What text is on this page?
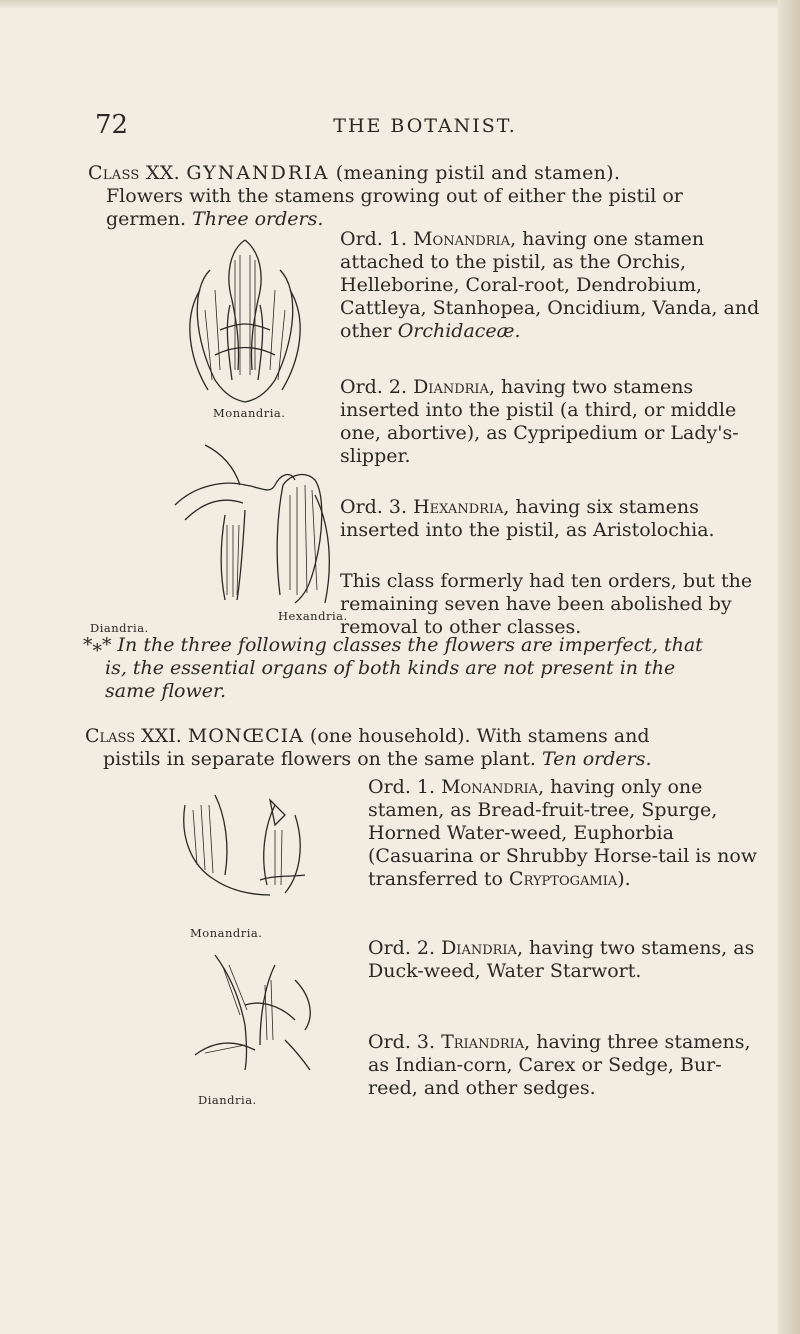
72	THE BOTANIST.
Class XX. GYNANDRIA (meaning pistil and stamen).
Flowers with the stamens growing out of either the pistil or
germen. Three orders.
Monandria.
Hexandria.
Diandria.
Ord. 1. Monandria, having one stamen attached to the pistil, as the Orchis, Helleborine, Coral-root, Dendrobium, Cattleya, Stanhopea, Oncidium, Vanda, and other Orchidaceæ.
Ord. 2. Diandria, having two stamens inserted into the pistil (a third, or middle one, abortive), as Cypripedium or Lady's-slipper.
Ord. 3. Hexandria, having six stamens inserted into the pistil, as Aristolochia.
This class formerly had ten orders, but the remaining seven have been abolished by removal to other classes.
*⁎* In the three following classes the flowers are imperfect, that
is, the essential organs of both kinds are not present in the
same flower.
Class XXI. MONŒCIA (one household). With stamens and
pistils in separate flowers on the same plant. Ten orders.
Monandria.
Diandria.
Ord. 1. Monandria, having only one stamen, as Bread-fruit-tree, Spurge, Horned Water-weed, Euphorbia (Casuarina or Shrubby Horse-tail is now transferred to Cryptogamia).
Ord. 2. Diandria, having two stamens, as Duck-weed, Water Starwort.
Ord. 3. Triandria, having three stamens, as Indian-corn, Carex or Sedge, Bur-reed, and other sedges.
